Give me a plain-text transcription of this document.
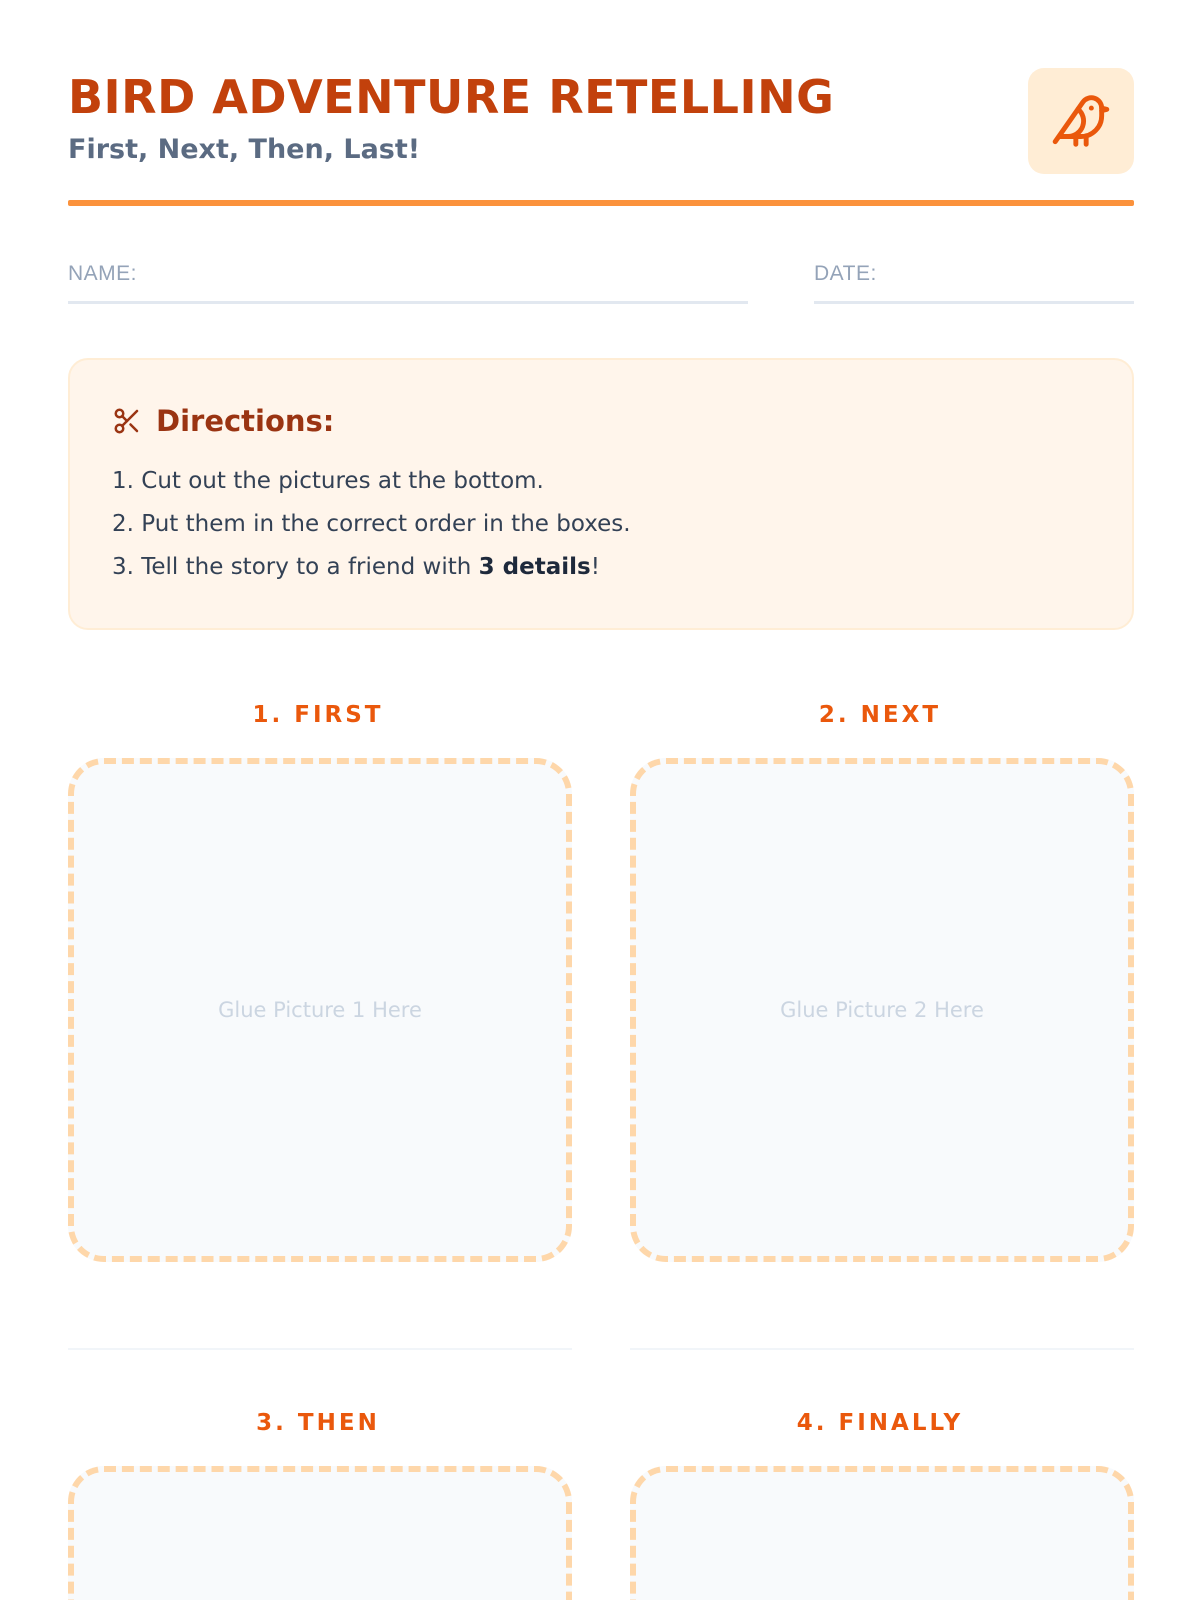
BIRD ADVENTURE RETELLING
First, Next, Then, Last!
NAME:	DATE:
Directions:
1. Cut out the pictures at the bottom.
2. Put them in the correct order in the boxes.
3. Tell the story to a friend with 3 details!
1. FIRST	2. NEXT
Glue Picture 1 Here	Glue Picture 2 Here
3. THEN	4. FINALLY
